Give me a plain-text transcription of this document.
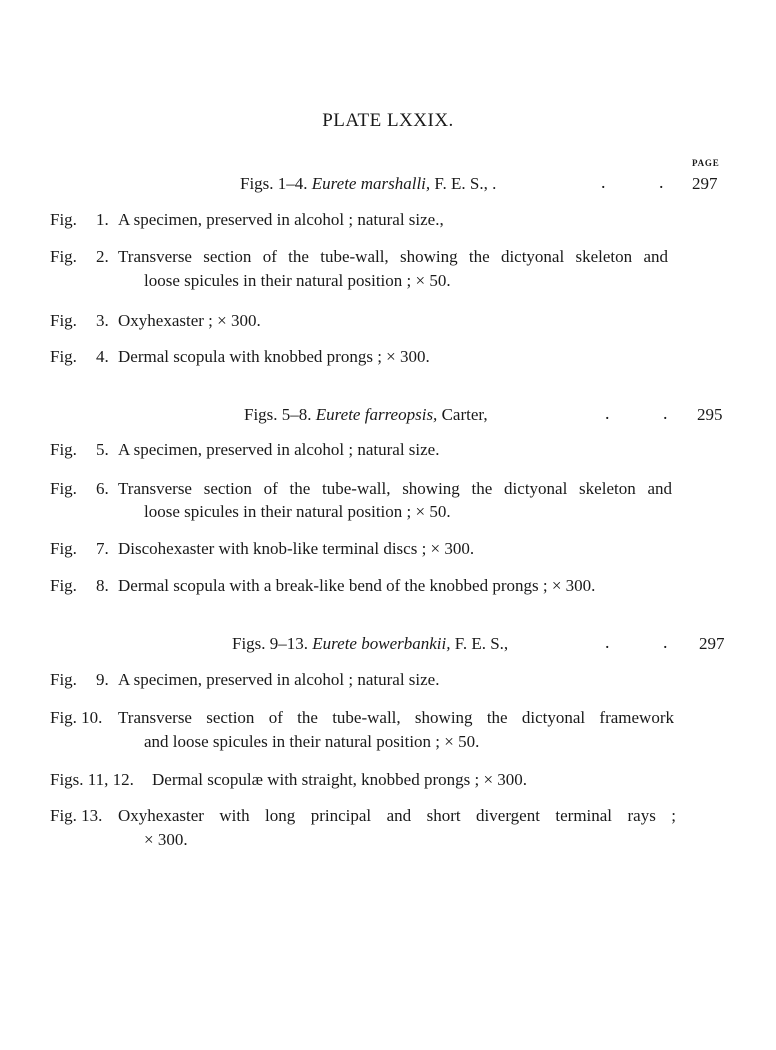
PLATE LXXIX.
PAGE
Figs. 1–4. Eurete marshalli, F. E. S., .	.	. 297
Fig. 1. A specimen, preserved in alcohol ; natural size.,
Fig. 2. Transverse section of the tube-wall, showing the dictyonal skeleton and
loose spicules in their natural position ; × 50.
Fig. 3. Oxyhexaster ; × 300.
Fig. 4. Dermal scopula with knobbed prongs ; × 300.
Figs. 5–8. Eurete farreopsis, Carter,	.	. 295
Fig. 5. A specimen, preserved in alcohol ; natural size.
Fig. 6. Transverse section of the tube-wall, showing the dictyonal skeleton and
loose spicules in their natural position ; × 50.
Fig. 7. Discohexaster with knob-like terminal discs ; × 300.
Fig. 8. Dermal scopula with a break-like bend of the knobbed prongs ; × 300.
Figs. 9–13. Eurete bowerbankii, F. E. S.,	.	. 297
Fig. 9. A specimen, preserved in alcohol ; natural size.
Fig. 10. Transverse section of the tube-wall, showing the dictyonal framework
and loose spicules in their natural position ; × 50.
Figs. 11, 12. Dermal scopulæ with straight, knobbed prongs ; × 300.
Fig. 13. Oxyhexaster with long principal and short divergent terminal rays ;
× 300.
